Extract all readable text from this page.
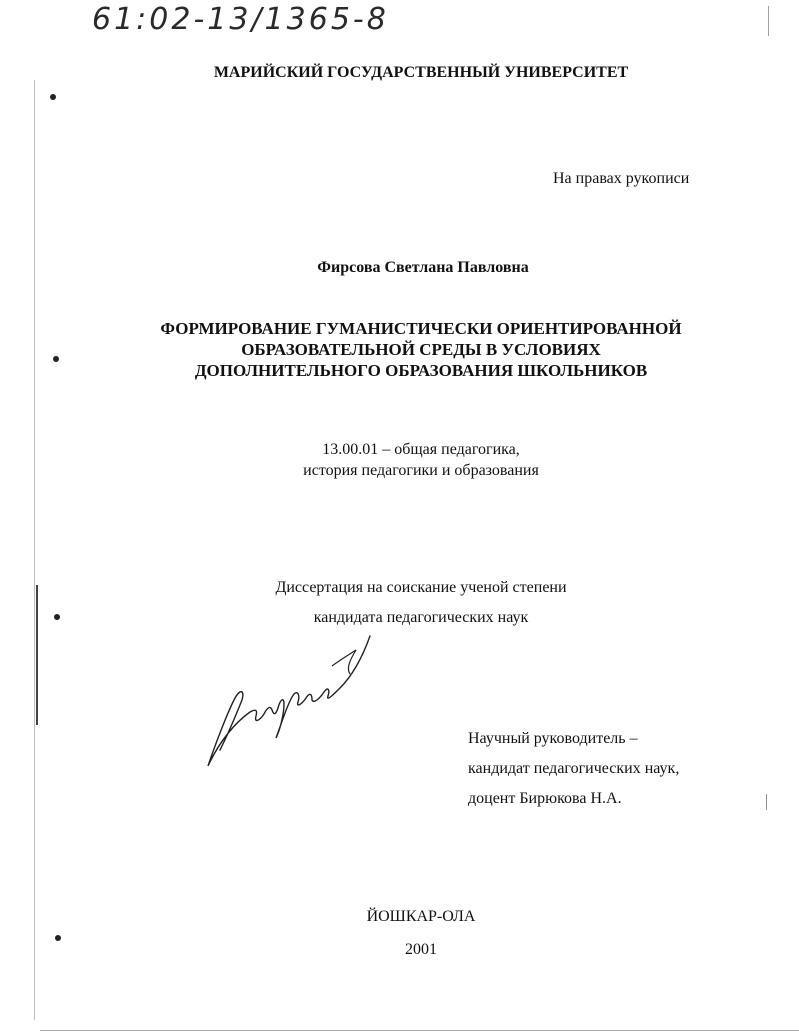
61:02-13/1365-8
МАРИЙСКИЙ ГОСУДАРСТВЕННЫЙ УНИВЕРСИТЕТ
На правах рукописи
Фирсова Светлана Павловна
ФОРМИРОВАНИЕ ГУМАНИСТИЧЕСКИ ОРИЕНТИРОВАННОЙ
ОБРАЗОВАТЕЛЬНОЙ СРЕДЫ В УСЛОВИЯХ
ДОПОЛНИТЕЛЬНОГО ОБРАЗОВАНИЯ ШКОЛЬНИКОВ
13.00.01 – общая педагогика,
история педагогики и образования
Диссертация на соискание ученой степени
кандидата педагогических наук
Научный руководитель –
кандидат педагогических наук,
доцент Бирюкова Н.А.
ЙОШКАР-ОЛА
2001
